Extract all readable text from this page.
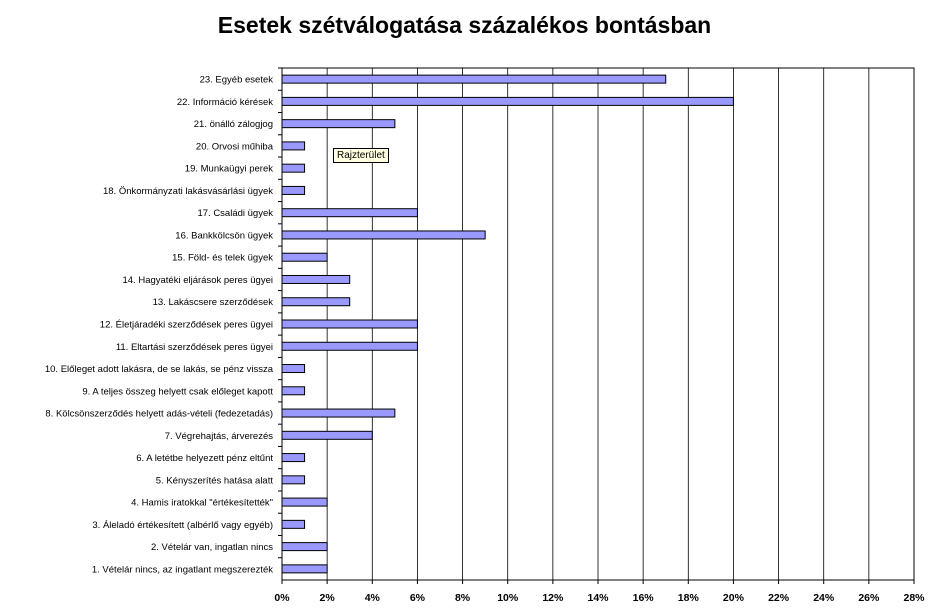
Esetek szétválogatása százalékos bontásban
23. Egyéb esetek
22. Információ kérések
21. önálló zálogjog
20. Orvosi műhiba
19. Munkaügyi perek
18. Önkormányzati lakásvásárlási ügyek
17. Családi ügyek
16. Bankkölcsön ügyek
15. Föld- és telek ügyek
14. Hagyatéki eljárások peres ügyei
13. Lakáscsere szerződések
12. Életjáradéki szerződések peres ügyei
11. Eltartási szerződések peres ügyei
10. Előleget adott lakásra, de se lakás, se pénz vissza
9. A teljes összeg helyett csak előleget kapott
8. Kölcsönszerződés helyett adás-vételi (fedezetadás)
7. Végrehajtás, árverezés
6. A letétbe helyezett pénz eltűnt
5. Kényszerítés hatása alatt
4. Hamis iratokkal "értékesítették"
3. Áleladó értékesített (albérlő vagy egyéb)
2. Vételár van, ingatlan nincs
1. Vételár nincs, az ingatlant megszerezték
0%	2%	4%	6%	8%	10% 12% 14% 16% 18% 20% 22% 24% 26% 28%
Rajzterület
